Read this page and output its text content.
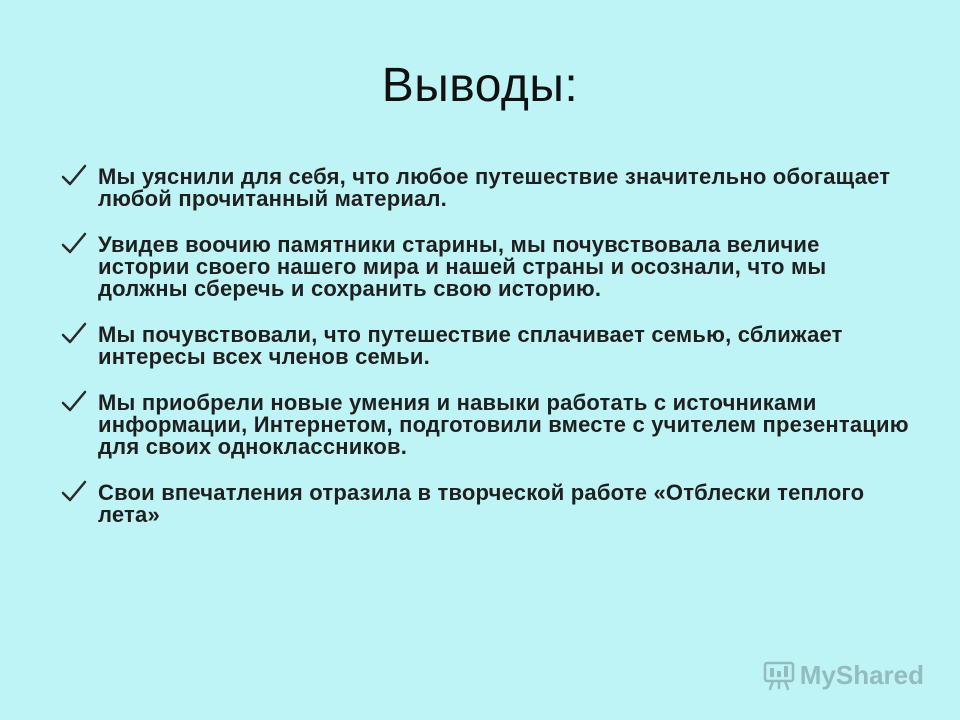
Выводы:
Мы уяснили для себя, что любое путешествие значительно обогащает любой прочитанный материал.
Увидев воочию памятники старины, мы почувствовала величие истории своего нашего мира и нашей страны и осознали, что мы должны сберечь и сохранить свою историю.
Мы почувствовали, что путешествие сплачивает семью, сближает интересы всех членов семьи.
Мы приобрели новые умения и навыки работать с источниками информации, Интернетом, подготовили вместе с учителем презентацию для своих одноклассников.
Свои впечатления отразила в творческой работе «Отблески теплого лета»
MyShared
